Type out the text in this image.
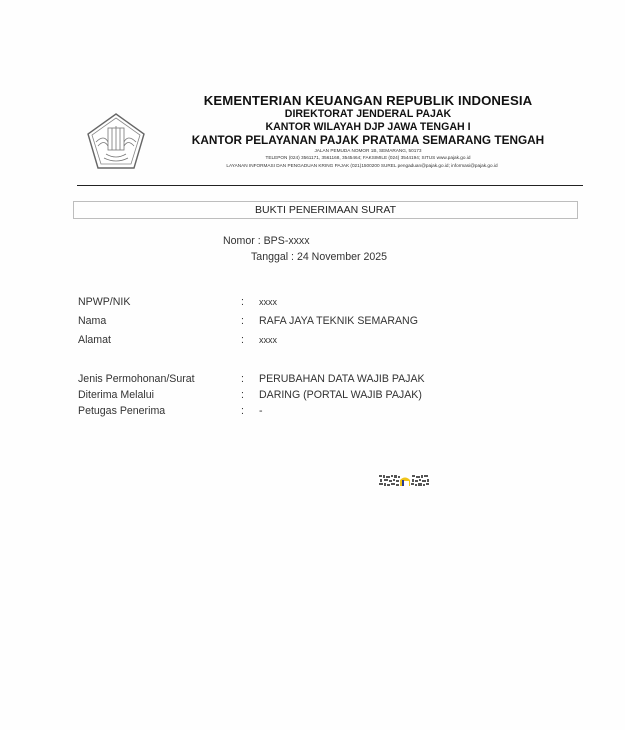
KEMENTERIAN KEUANGAN REPUBLIK INDONESIA
DIREKTORAT JENDERAL PAJAK
KANTOR WILAYAH DJP JAWA TENGAH I
KANTOR PELAYANAN PAJAK PRATAMA SEMARANG TENGAH
JALAN PEMUDA NOMOR 1B, SEMARANG, 50173
TELEPON (024) 3561171, 3561168, 3545464; FAKSIMILE (024) 3544194; SITUS www.pajak.go.id
LAYANAN INFORMASI DAN PENGADUAN KRING PAJAK (021)1500200 SUREL pengaduan@pajak.go.id; informasi@pajak.go.id
BUKTI PENERIMAAN SURAT
Nomor : BPS-xxxx
Tanggal : 24 November 2025
NPWP/NIK	: xxxx
Nama	: RAFA JAYA TEKNIK SEMARANG
Alamat	: xxxx
Jenis Permohonan/Surat	: PERUBAHAN DATA WAJIB PAJAK
Diterima Melalui	: DARING (PORTAL WAJIB PAJAK)
Petugas Penerima	: -
